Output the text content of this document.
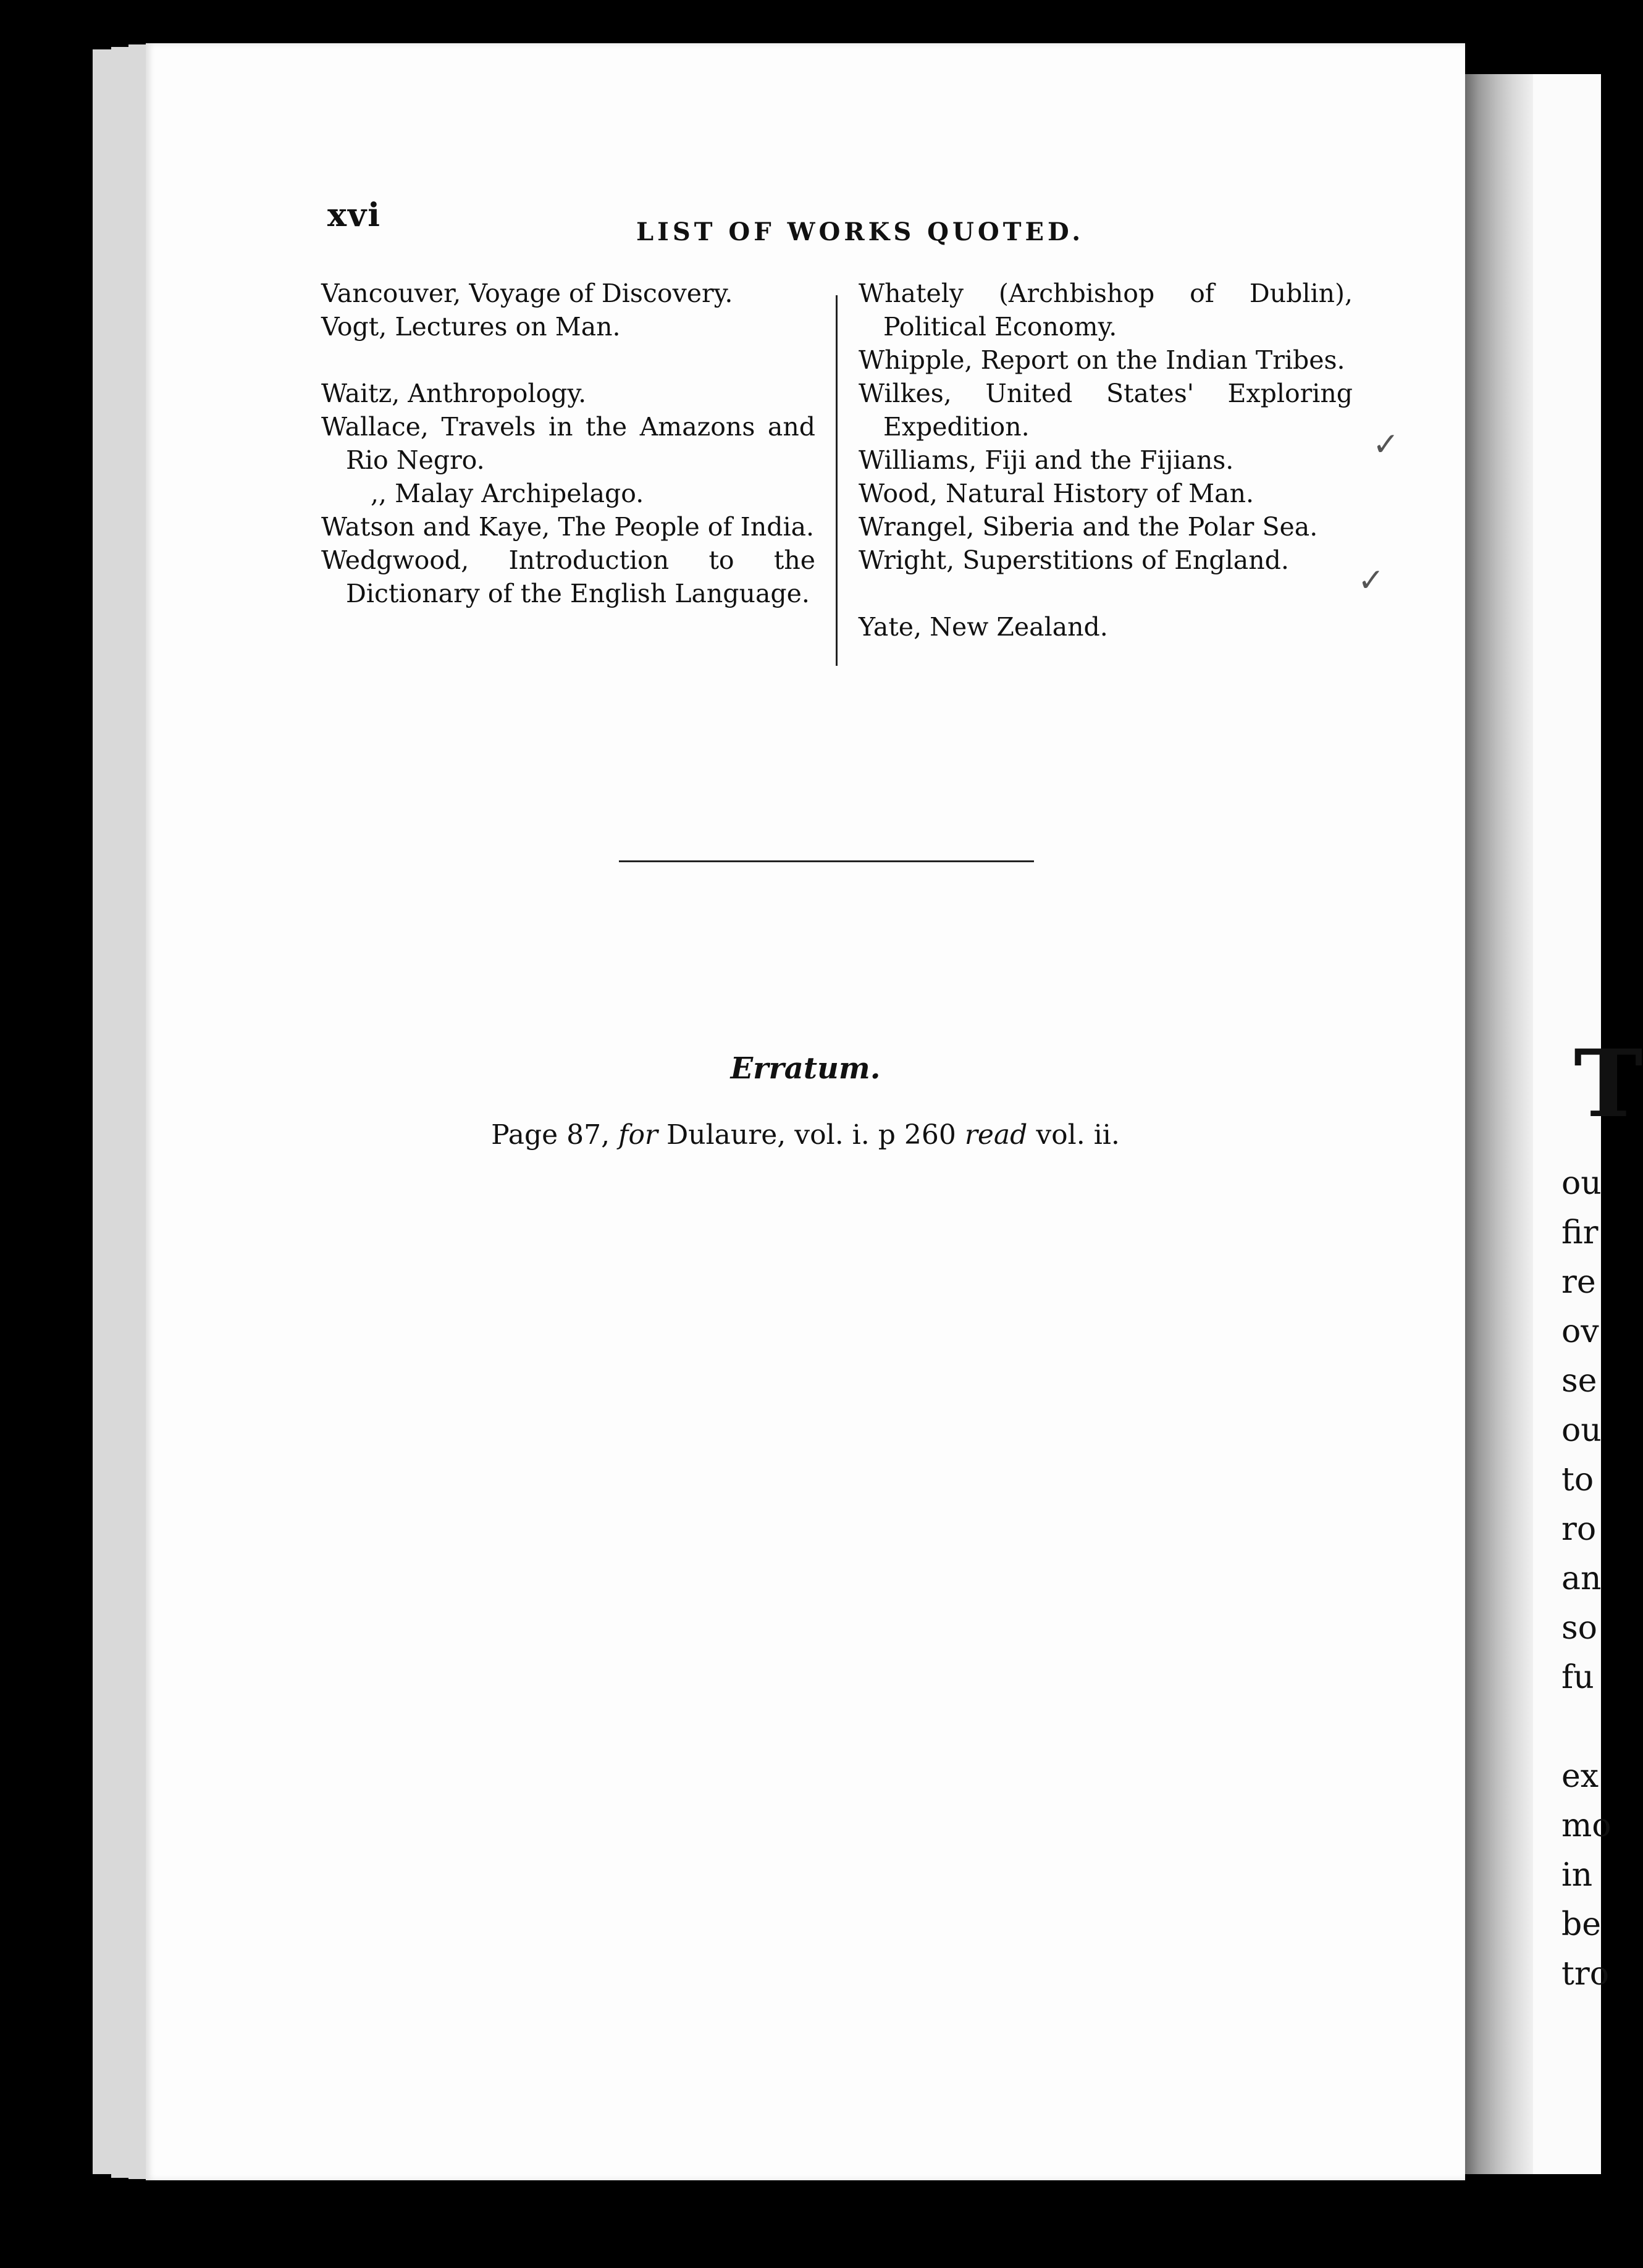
xvi	LIST OF WORKS QUOTED.
Vancouver, Voyage of Discovery.
Vogt, Lectures on Man.
Waitz, Anthropology.
Wallace, Travels in the Amazons and Rio Negro.
,, Malay Archipelago.
Watson and Kaye, The People of India.
Wedgwood, Introduction to the Dictionary of the English Language.
Whately (Archbishop of Dublin), Political Economy.
Whipple, Report on the Indian Tribes.
Wilkes, United States' Exploring Expedition.
Williams, Fiji and the Fijians.
Wood, Natural History of Man.
Wrangel, Siberia and the Polar Sea.
Wright, Superstitions of England.
Yate, New Zealand.
✓
✓
Erratum.
Page 87, for Dulaure, vol. i. p 260 read vol. ii.	T
ou
fir
re
ov
se
ou
to
ro
an
so
fu
ex
mo
in
be
tro
